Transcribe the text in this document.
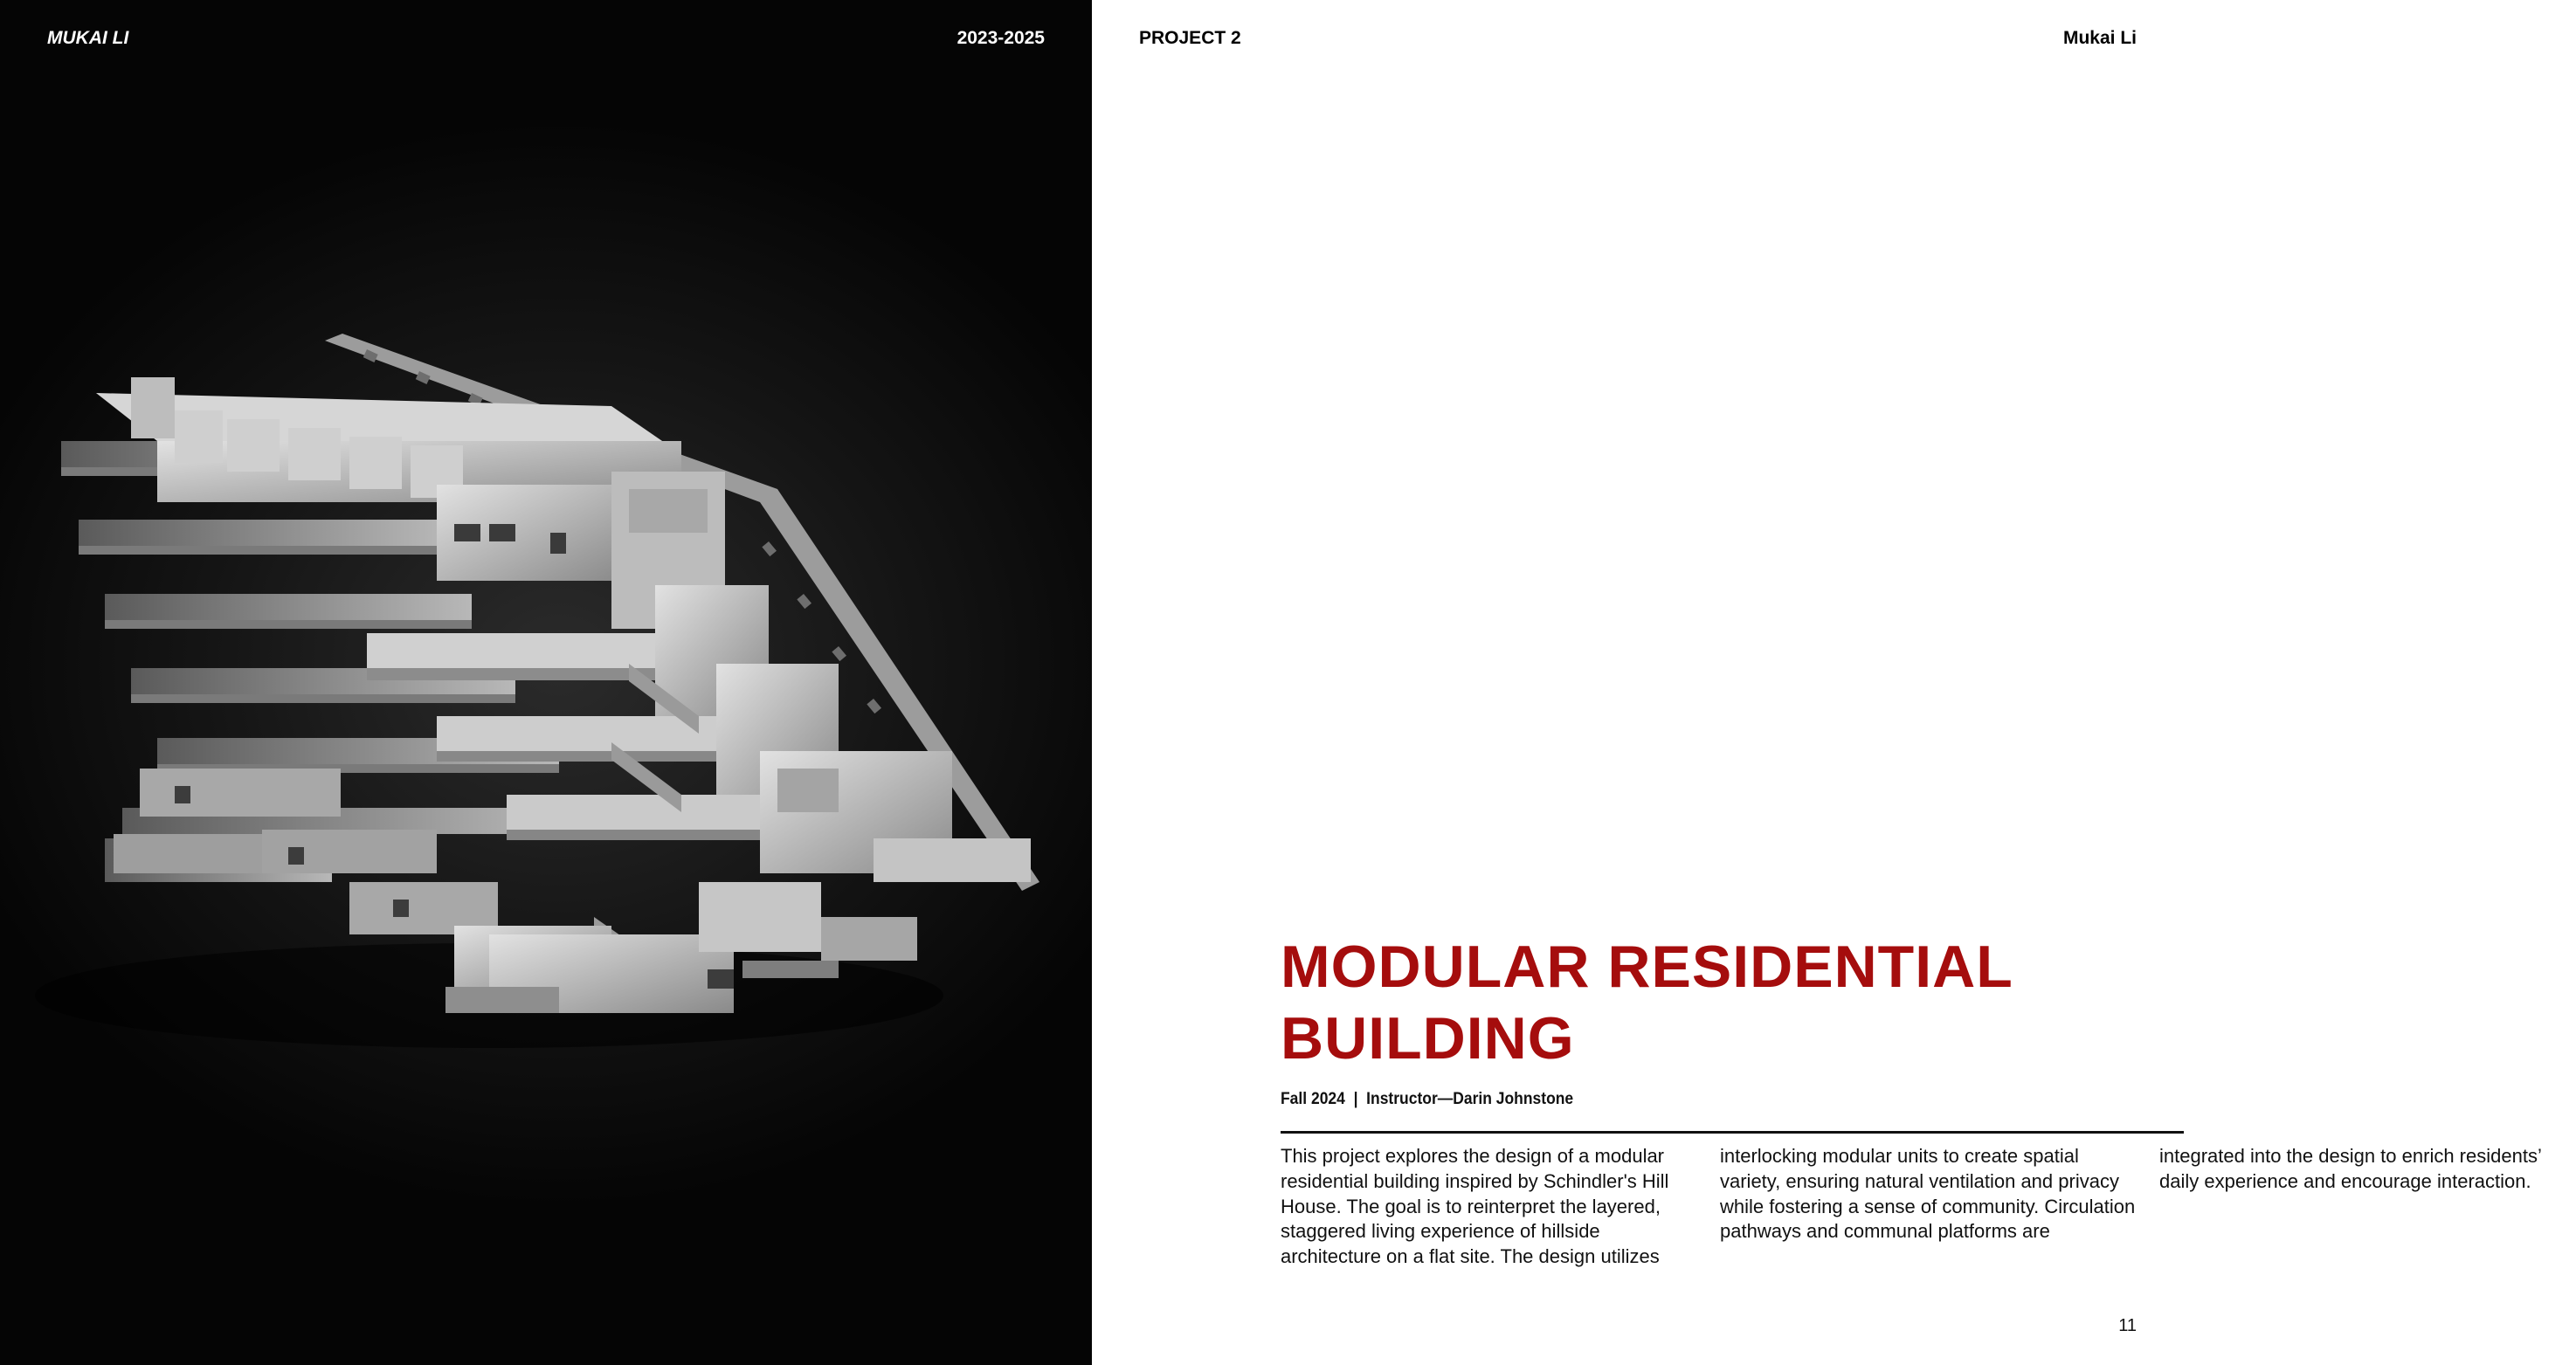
MUKAI LI	2023-2025	PROJECT 2	Mukai Li
MODULAR RESIDENTIAL
BUILDING
Fall 2024  |  Instructor—Darin Johnstone
This project explores the design of a modular residential building inspired by Schindler's Hill House. The goal is to reinterpret the layered, staggered living experience of hillside architecture on a flat site. The design utilizes interlocking modular units to create spatial variety, ensuring natural ventilation and privacy while fostering a sense of community. Circulation pathways and communal platforms are integrated into the design to enrich residents’ daily experience and encourage interaction.
11
